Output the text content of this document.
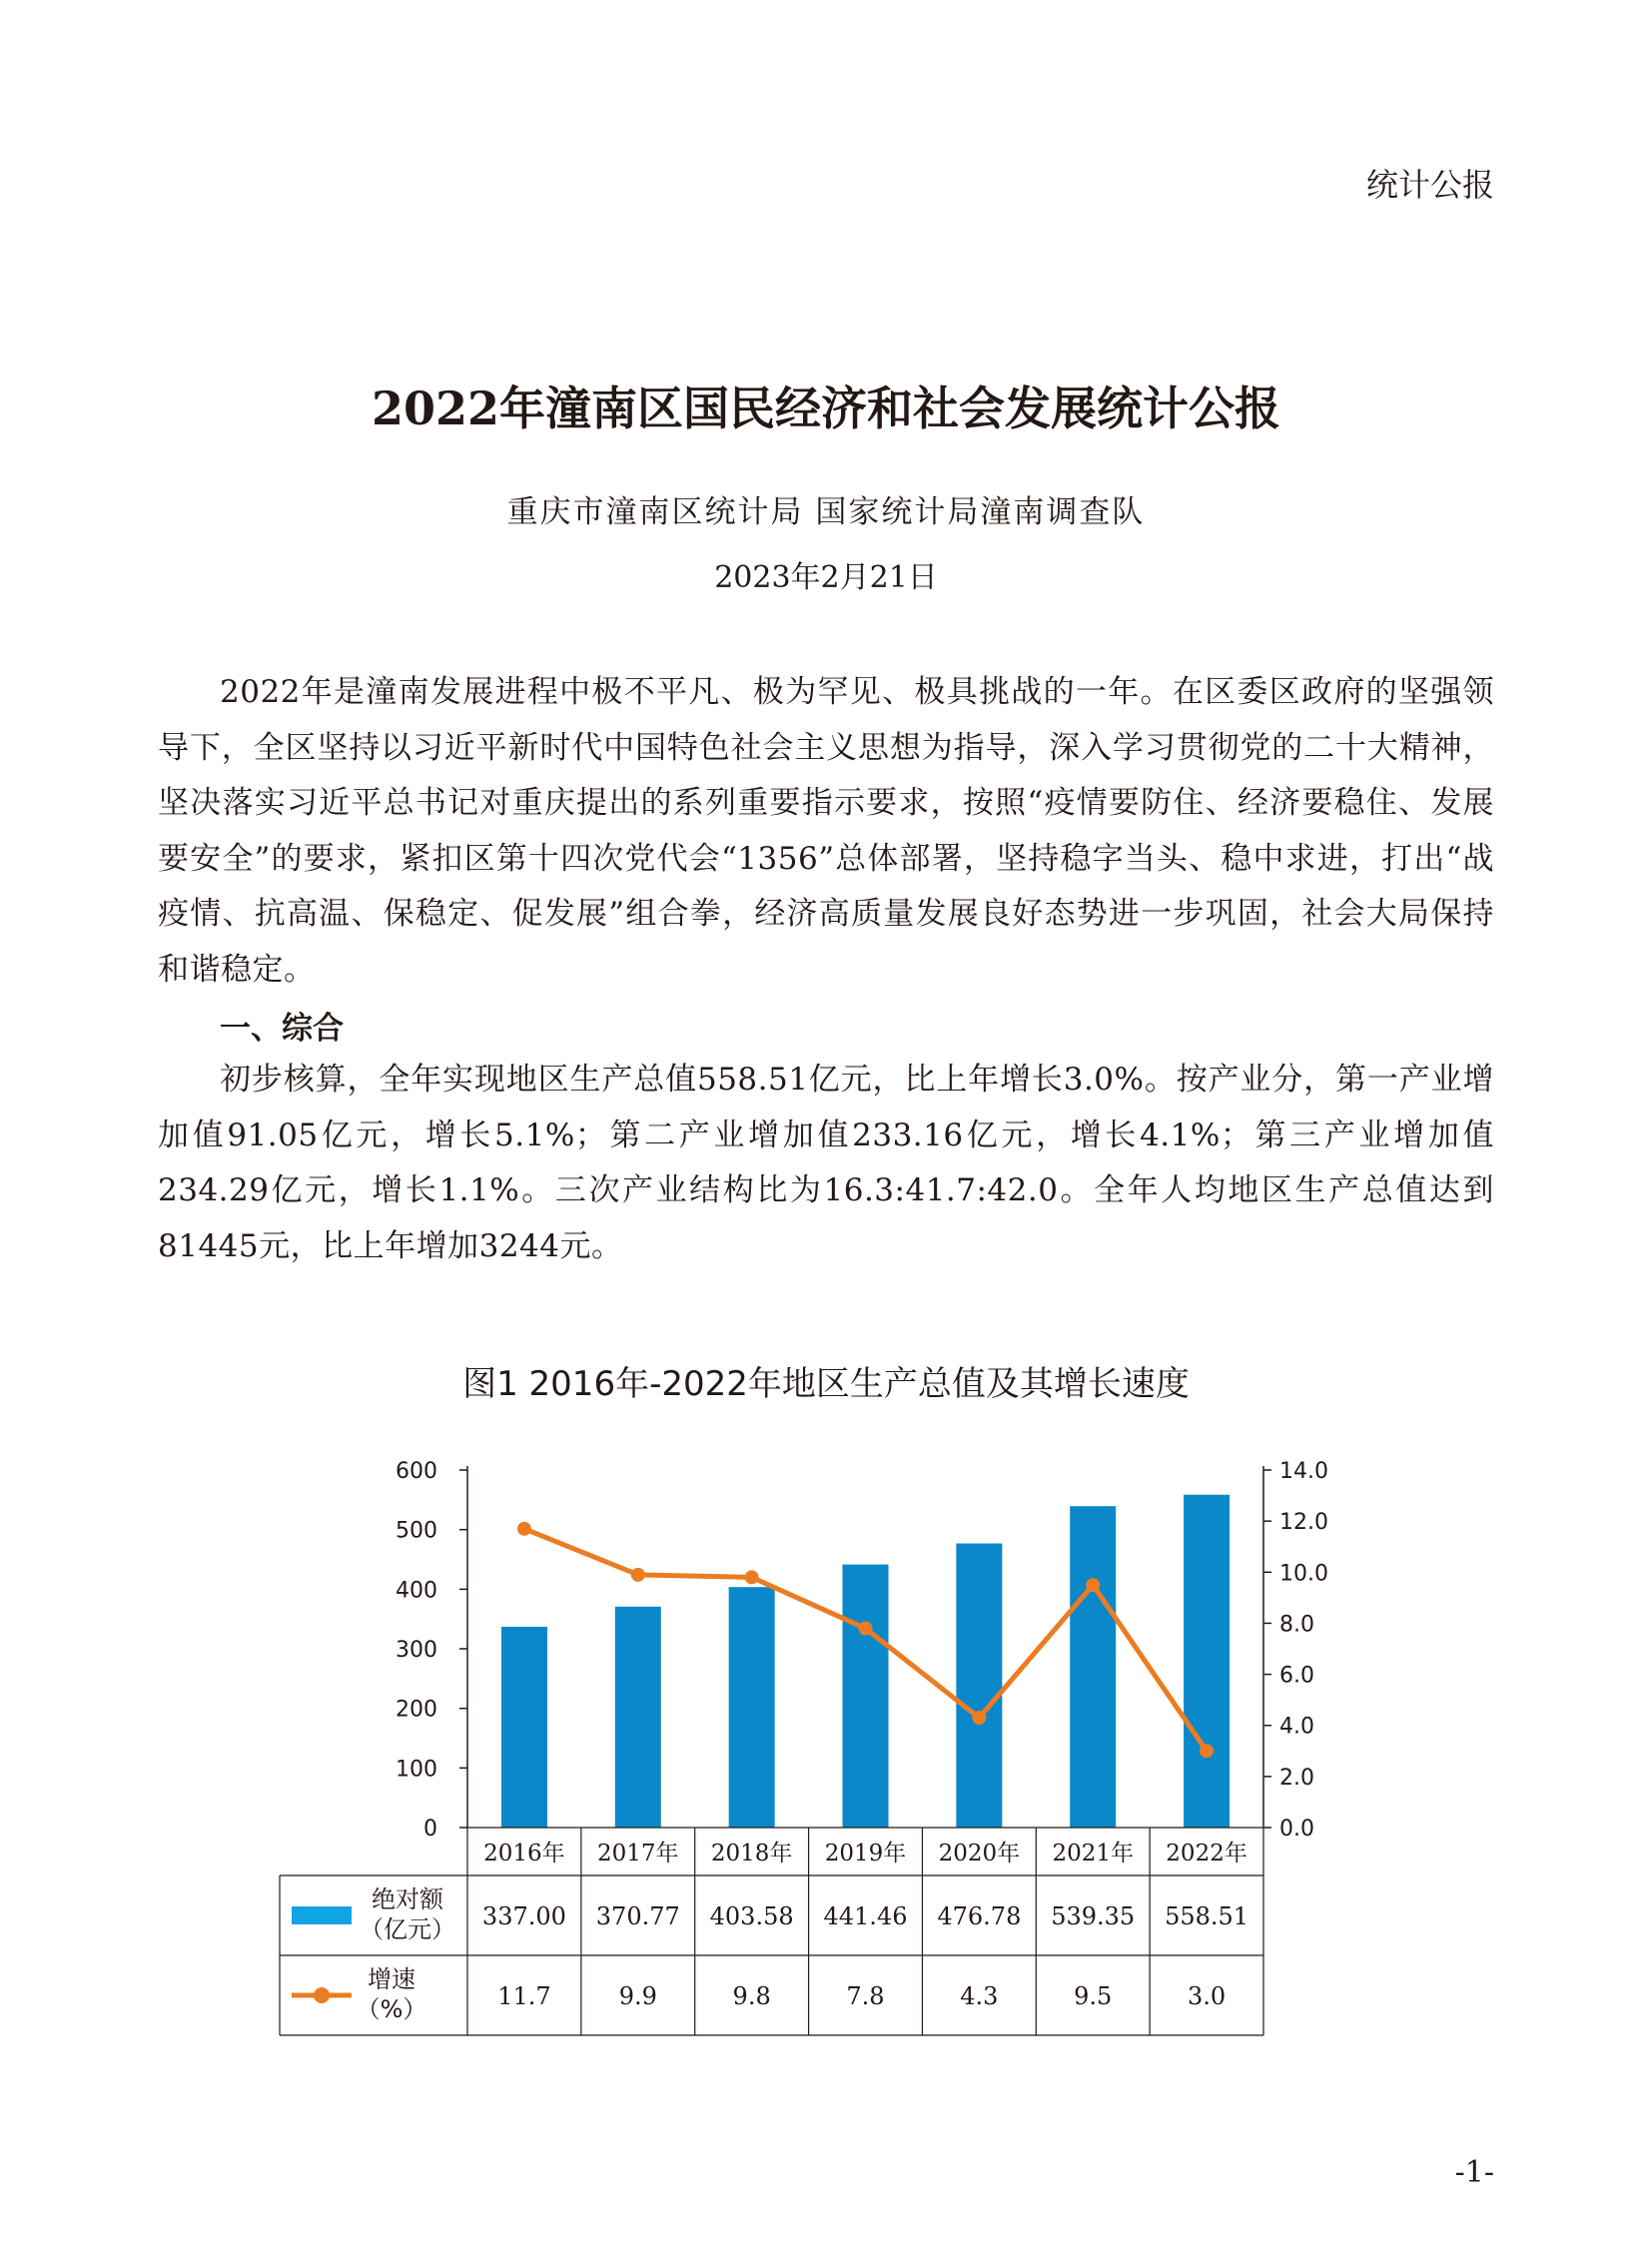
统计公报
2022年潼南区国民经济和社会发展统计公报
重庆市潼南区统计局 国家统计局潼南调查队
2023年2月21日

2022年是潼南发展进程中极不平凡、极为罕见、极具挑战的一年。在区委区政府的坚强领导下，全区坚持以习近平新时代中国特色社会主义思想为指导，深入学习贯彻党的二十大精神，坚决落实习近平总书记对重庆提出的系列重要指示要求，按照“疫情要防住、经济要稳住、发展要安全”的要求，紧扣区第十四次党代会“1356”总体部署，坚持稳字当头、稳中求进，打出“战疫情、抗高温、保稳定、促发展”组合拳，经济高质量发展良好态势进一步巩固，社会大局保持和谐稳定。

一、综合

初步核算，全年实现地区生产总值558.51亿元，比上年增长3.0%。按产业分，第一产业增加值91.05亿元，增长5.1%；第二产业增加值233.16亿元，增长4.1%；第三产业增加值234.29亿元，增长1.1%。三次产业结构比为16.3:41.7:42.0。全年人均地区生产总值达到81445元，比上年增加3244元。

图1 2016年-2022年地区生产总值及其增长速度
0
100
200
300
400
500
600
0.0
2.0
4.0
6.0
8.0
10.0
12.0
14.0
2016年 2017年 2018年 2019年 2020年 2021年 2022年
绝对额
（亿元）
增速
（%）
337.00 370.77 403.58 441.46 476.78 539.35 558.51
11.7	9.9	9.8	7.8	4.3	9.5	3.0
-1-
